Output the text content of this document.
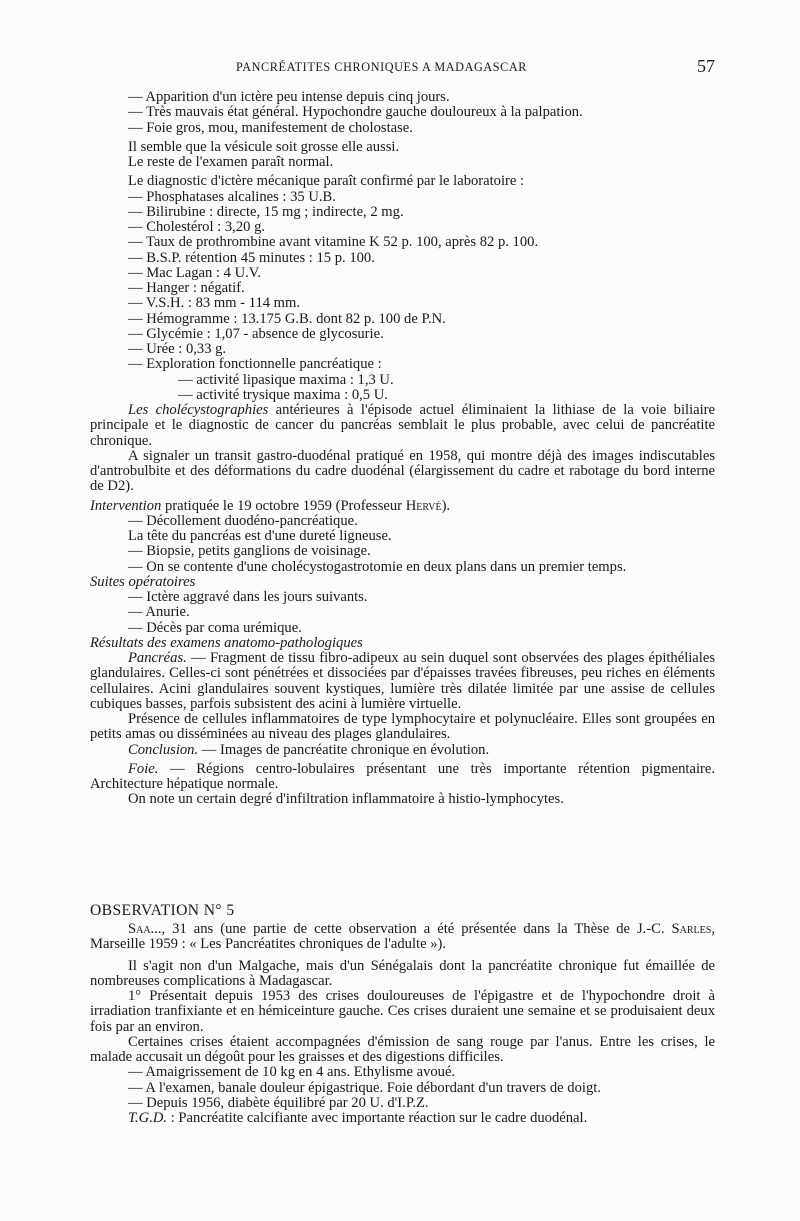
PANCRÉATITES CHRONIQUES A MADAGASCAR	57
— Apparition d'un ictère peu intense depuis cinq jours.
— Très mauvais état général. Hypochondre gauche douloureux à la palpation.
— Foie gros, mou, manifestement de cholostase.
Il semble que la vésicule soit grosse elle aussi.
Le reste de l'examen paraît normal.
Le diagnostic d'ictère mécanique paraît confirmé par le laboratoire :
— Phosphatases alcalines : 35 U.B.
— Bilirubine : directe, 15 mg ; indirecte, 2 mg.
— Cholestérol : 3,20 g.
— Taux de prothrombine avant vitamine K 52 p. 100, après 82 p. 100.
— B.S.P. rétention 45 minutes : 15 p. 100.
— Mac Lagan : 4 U.V.
— Hanger : négatif.
— V.S.H. : 83 mm - 114 mm.
— Hémogramme : 13.175 G.B. dont 82 p. 100 de P.N.
— Glycémie : 1,07 - absence de glycosurie.
— Urée : 0,33 g.
— Exploration fonctionnelle pancréatique :
— activité lipasique maxima : 1,3 U.
— activité trysique maxima : 0,5 U.
Les cholécystographies antérieures à l'épisode actuel éliminaient la lithiase de la voie biliaire principale et le diagnostic de cancer du pancréas semblait le plus probable, avec celui de pancréatite chronique.
A signaler un transit gastro-duodénal pratiqué en 1958, qui montre déjà des images indiscutables d'antrobulbite et des déformations du cadre duodénal (élargissement du cadre et rabotage du bord interne de D2).
Intervention pratiquée le 19 octobre 1959 (Professeur Hervé).
— Décollement duodéno-pancréatique.
La tête du pancréas est d'une dureté ligneuse.
— Biopsie, petits ganglions de voisinage.
— On se contente d'une cholécystogastrotomie en deux plans dans un premier temps.
Suites opératoires
— Ictère aggravé dans les jours suivants.
— Anurie.
— Décès par coma urémique.
Résultats des examens anatomo-pathologiques
Pancréas. — Fragment de tissu fibro-adipeux au sein duquel sont observées des plages épithéliales glandulaires. Celles-ci sont pénétrées et dissociées par d'épaisses travées fibreuses, peu riches en éléments cellulaires. Acini glandulaires souvent kystiques, lumière très dilatée limitée par une assise de cellules cubiques basses, parfois subsistent des acini à lumière virtuelle.
Présence de cellules inflammatoires de type lymphocytaire et polynucléaire. Elles sont groupées en petits amas ou disséminées au niveau des plages glandulaires.
Conclusion. — Images de pancréatite chronique en évolution.
Foie. — Régions centro-lobulaires présentant une très importante rétention pigmentaire. Architecture hépatique normale.
On note un certain degré d'infiltration inflammatoire à histio-lymphocytes.
OBSERVATION N° 5
Saa..., 31 ans (une partie de cette observation a été présentée dans la Thèse de J.-C. Sarles, Marseille 1959 : « Les Pancréatites chroniques de l'adulte »).
Il s'agit non d'un Malgache, mais d'un Sénégalais dont la pancréatite chronique fut émaillée de nombreuses complications à Madagascar.
1° Présentait depuis 1953 des crises douloureuses de l'épigastre et de l'hypochondre droit à irradiation tranfixiante et en hémiceinture gauche. Ces crises duraient une semaine et se produisaient deux fois par an environ.
Certaines crises étaient accompagnées d'émission de sang rouge par l'anus. Entre les crises, le malade accusait un dégoût pour les graisses et des digestions difficiles.
— Amaigrissement de 10 kg en 4 ans. Ethylisme avoué.
— A l'examen, banale douleur épigastrique. Foie débordant d'un travers de doigt.
— Depuis 1956, diabète équilibré par 20 U. d'I.P.Z.
T.G.D. : Pancréatite calcifiante avec importante réaction sur le cadre duodénal.
